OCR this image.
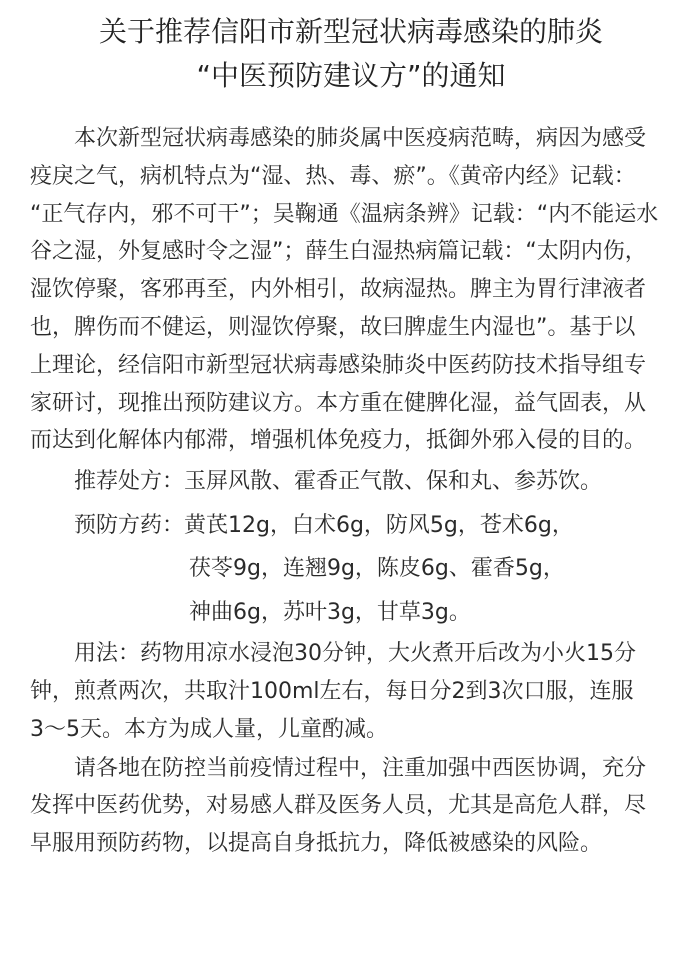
关于推荐信阳市新型冠状病毒感染的肺炎
“中医预防建议方”的通知

本次新型冠状病毒感染的肺炎属中医疫病范畴，病因为感受
疫戾之气，病机特点为“湿、热、毒、瘀”。《黄帝内经》记载：
“正气存内，邪不可干”；吴鞠通《温病条辨》记载：“内不能运水
谷之湿，外复感时令之湿”；薛生白湿热病篇记载：“太阴内伤，
湿饮停聚，客邪再至，内外相引，故病湿热。脾主为胃行津液者
也，脾伤而不健运，则湿饮停聚，故曰脾虚生内湿也”。基于以
上理论，经信阳市新型冠状病毒感染肺炎中医药防技术指导组专
家研讨，现推出预防建议方。本方重在健脾化湿，益气固表，从
而达到化解体内郁滞，增强机体免疫力，抵御外邪入侵的目的。

推荐处方：玉屏风散、霍香正气散、保和丸、参苏饮。
预防方药：黄芪12g，白术6g，防风5g，苍术6g，
茯苓9g，连翘9g，陈皮6g、霍香5g，
神曲6g，苏叶3g，甘草3g。

用法：药物用凉水浸泡30分钟，大火煮开后改为小火15分
钟，煎煮两次，共取汁100ml左右，每日分2到3次口服，连服
3～5天。本方为成人量，儿童酌减。

请各地在防控当前疫情过程中，注重加强中西医协调，充分
发挥中医药优势，对易感人群及医务人员，尤其是高危人群，尽
早服用预防药物，以提高自身抵抗力，降低被感染的风险。
